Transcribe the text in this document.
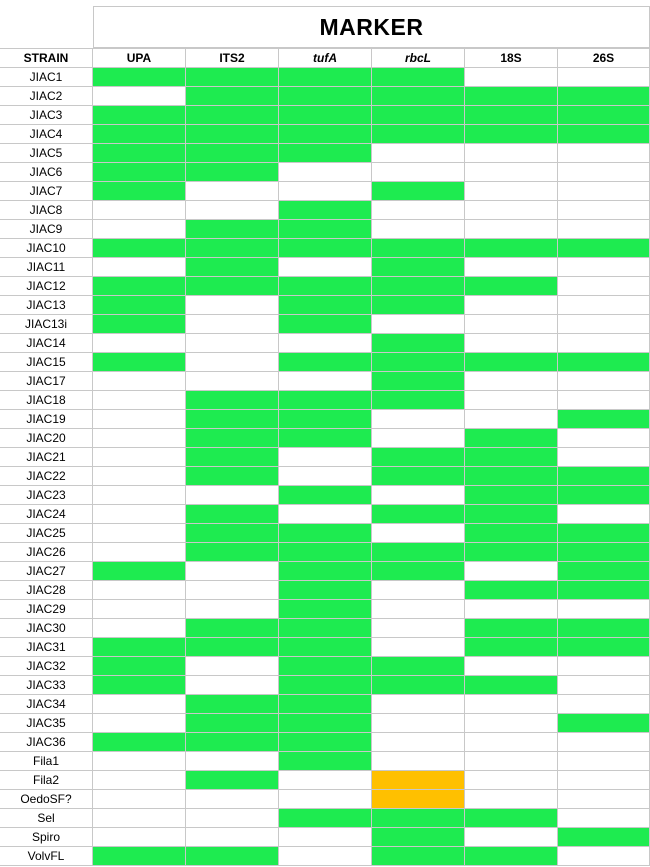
MARKER
STRAIN	UPA	ITS2	tufA	rbcL	18S	26S
JIAC1
JIAC2
JIAC3
JIAC4
JIAC5
JIAC6
JIAC7
JIAC8
JIAC9
JIAC10
JIAC11
JIAC12
JIAC13
JIAC13i
JIAC14
JIAC15
JIAC17
JIAC18
JIAC19
JIAC20
JIAC21
JIAC22
JIAC23
JIAC24
JIAC25
JIAC26
JIAC27
JIAC28
JIAC29
JIAC30
JIAC31
JIAC32
JIAC33
JIAC34
JIAC35
JIAC36
Fila1
Fila2
OedoSF?
Sel
Spiro
VolvFL
